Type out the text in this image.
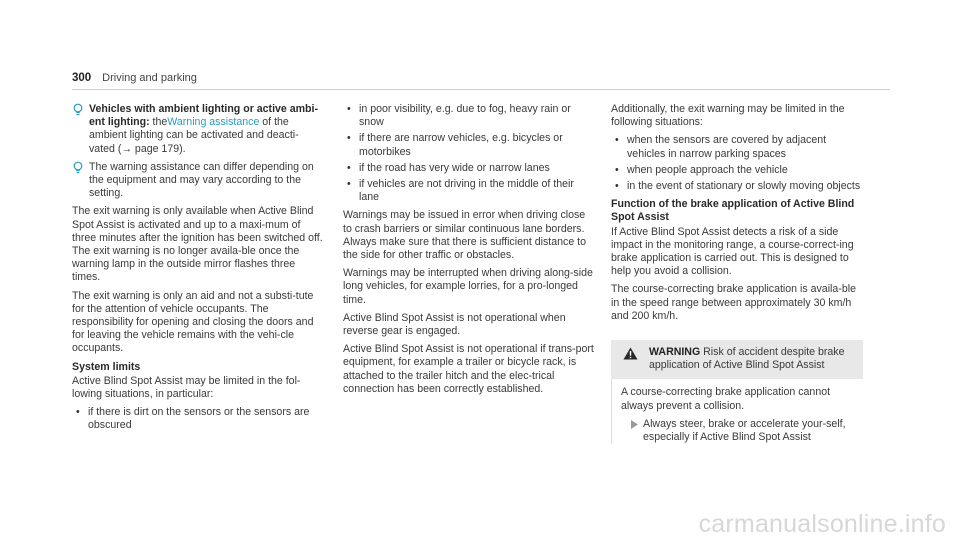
300 Driving and parking
Vehicles with ambient lighting or active ambi-ent lighting: theWarning assistance of the ambient lighting can be activated and deacti-vated (→ page 179).
The warning assistance can differ depending on the equipment and may vary according to the setting.

The exit warning is only available when Active Blind Spot Assist is activated and up to a maxi-mum of three minutes after the ignition has been switched off. The exit warning is no longer availa-ble once the warning lamp in the outside mirror flashes three times.

The exit warning is only an aid and not a substi-tute for the attention of vehicle occupants. The responsibility for opening and closing the doors and for leaving the vehicle remains with the vehi-cle occupants.

System limits

Active Blind Spot Assist may be limited in the fol-lowing situations, in particular:

• if there is dirt on the sensors or the sensors are obscured
• in poor visibility, e.g. due to fog, heavy rain or snow
• if there are narrow vehicles, e.g. bicycles or motorbikes
• if the road has very wide or narrow lanes
• if vehicles are not driving in the middle of their lane

Warnings may be issued in error when driving close to crash barriers or similar continuous lane borders. Always make sure that there is sufficient distance to the side for other traffic or obstacles.

Warnings may be interrupted when driving along-side long vehicles, for example lorries, for a pro-longed time.

Active Blind Spot Assist is not operational when reverse gear is engaged.

Active Blind Spot Assist is not operational if trans-port equipment, for example a trailer or bicycle rack, is attached to the trailer hitch and the elec-trical connection has been correctly established.

Additionally, the exit warning may be limited in the following situations:

• when the sensors are covered by adjacent vehicles in narrow parking spaces
• when people approach the vehicle
• in the event of stationary or slowly moving objects
Function of the brake application of Active Blind Spot Assist

If Active Blind Spot Assist detects a risk of a side impact in the monitoring range, a course-correct-ing brake application is carried out. This is designed to help you avoid a collision.

The course-correcting brake application is availa-ble in the speed range between approximately 30 km/h and 200 km/h.

WARNING Risk of accident despite brake application of Active Blind Spot Assist

A course-correcting brake application cannot always prevent a collision.

Always steer, brake or accelerate your-self, especially if Active Blind Spot Assist
carmanualsonline.info
